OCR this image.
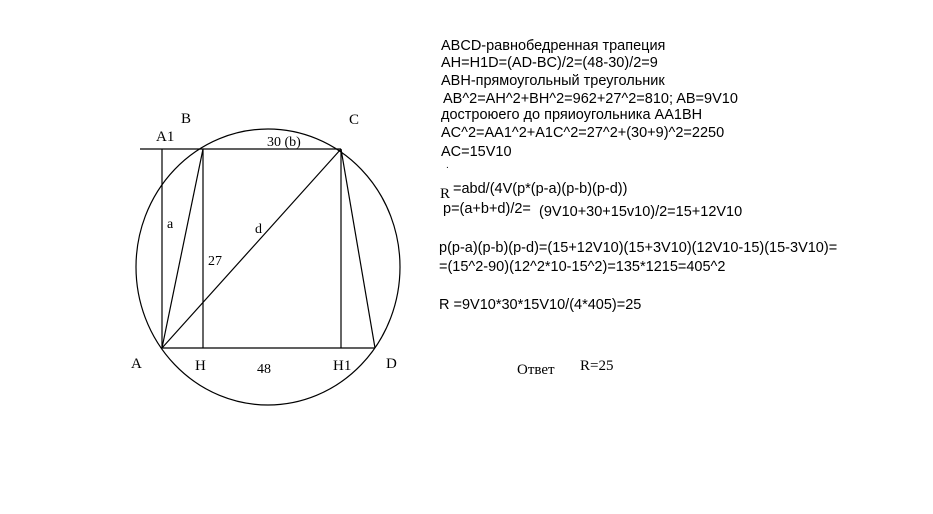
A1
B	C
A	H	H1 D
30 (b)
48
27
a	d
ABCD-равнобедренная трапеция
AH=H1D=(AD-BC)/2=(48-30)/2=9
ABH-прямоугольный треугольник
AB^2=AH^2+BH^2=962+27^2=810; AB=9V10
достроюего до пряиоугольника AA1BH
AC^2=AA1^2+A1C^2=27^2+(30+9)^2=2250
AC=15V10
.
R =abd/(4V(p*(p-a)(p-b)(p-d))
p=(a+b+d)/2= (9V10+30+15v10)/2=15+12V10
p(p-a)(p-b)(p-d)=(15+12V10)(15+3V10)(12V10-15)(15-3V10)=
=(15^2-90)(12^2*10-15^2)=135*1215=405^2
R =9V10*30*15V10/(4*405)=25
Ответ R=25
